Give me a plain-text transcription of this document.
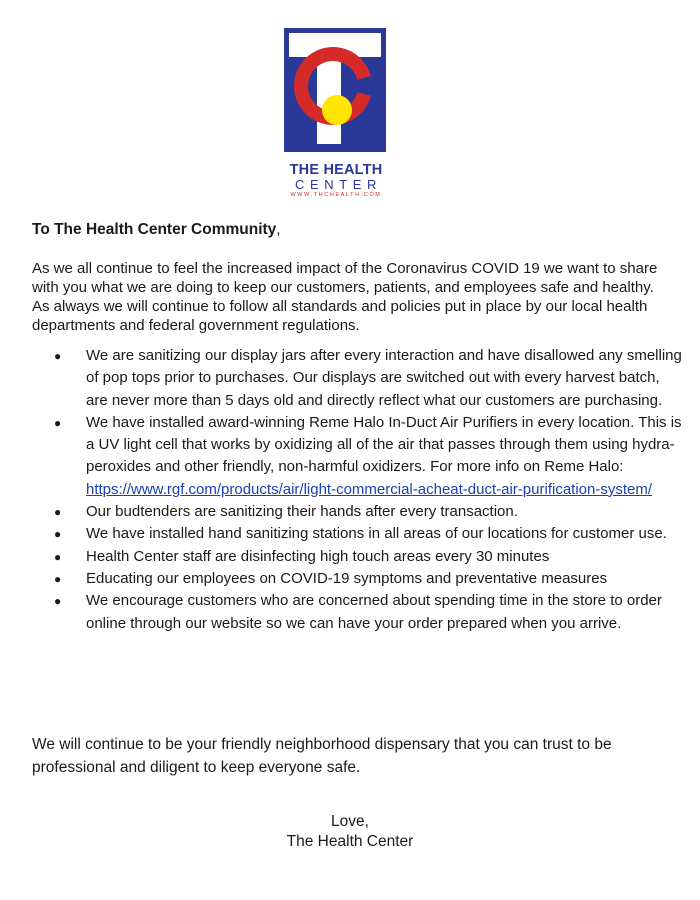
THE HEALTH
CENTER
WWW.THCHEALTH.COM
To The Health Center Community,

As we all continue to feel the increased impact of the Coronavirus COVID 19 we want to share with you what we are doing to keep our customers, patients, and employees safe and healthy. As always we will continue to follow all standards and policies put in place by our local health departments and federal government regulations.

● We are sanitizing our display jars after every interaction and have disallowed any smelling of pop tops prior to purchases. Our displays are switched out with every harvest batch, are never more than 5 days old and directly reflect what our customers are purchasing.
● We have installed award-winning Reme Halo In-Duct Air Purifiers in every location. This is a UV light cell that works by oxidizing all of the air that passes through them using hydra-peroxides and other friendly, non-harmful oxidizers. For more info on Reme Halo:
https://www.rgf.com/products/air/light-commercial-acheat-duct-air-purification-system/
● Our budtenders are sanitizing their hands after every transaction.
● We have installed hand sanitizing stations in all areas of our locations for customer use.
● Health Center staff are disinfecting high touch areas every 30 minutes
● Educating our employees on COVID-19 symptoms and preventative measures
● We encourage customers who are concerned about spending time in the store to order online through our website so we can have your order prepared when you arrive.

We will continue to be your friendly neighborhood dispensary that you can trust to be professional and diligent to keep everyone safe.

Love,
The Health Center
